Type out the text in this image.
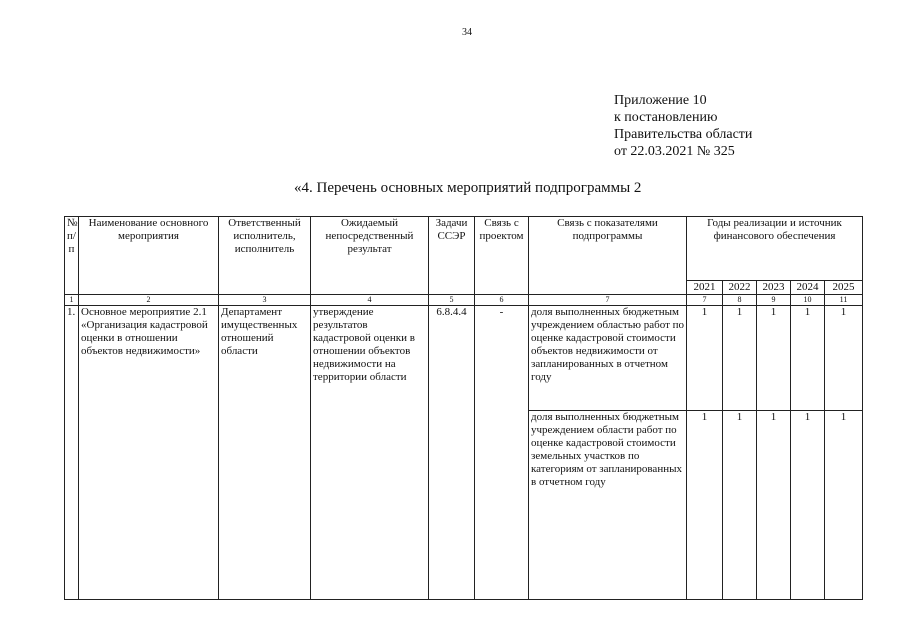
34
Приложение 10
к постановлению
Правительства области
от 22.03.2021 № 325
«4. Перечень основных мероприятий подпрограммы 2
№ п/п	Наименование основного мероприятия	Ответственный исполнитель, исполнитель	Ожидаемый непосредственный результат	Задачи ССЭР	Связь с проектом	Связь с показателями подпрограммы	Годы реализации и источник финансового обеспечения				
							2021	2022	2023	2024	2025
1	2	3	4	5	6	7	7	8	9	10	11
1.	Основное мероприятие 2.1 «Организация кадастровой оценки в отношении объектов недвижимости»	Департамент имущественных отношений области	утверждение результатов кадастровой оценки в отношении объектов недвижимости на территории области	6.8.4.4	-	доля выполненных бюджетным учреждением областью работ по оценке кадастровой стоимости объектов недвижимости от запланированных в отчетном году	1	1	1	1	1
						доля выполненных бюджетным учреждением области работ по оценке кадастровой стоимости земельных участков по категориям от запланированных в отчетном году	1	1	1	1	1
